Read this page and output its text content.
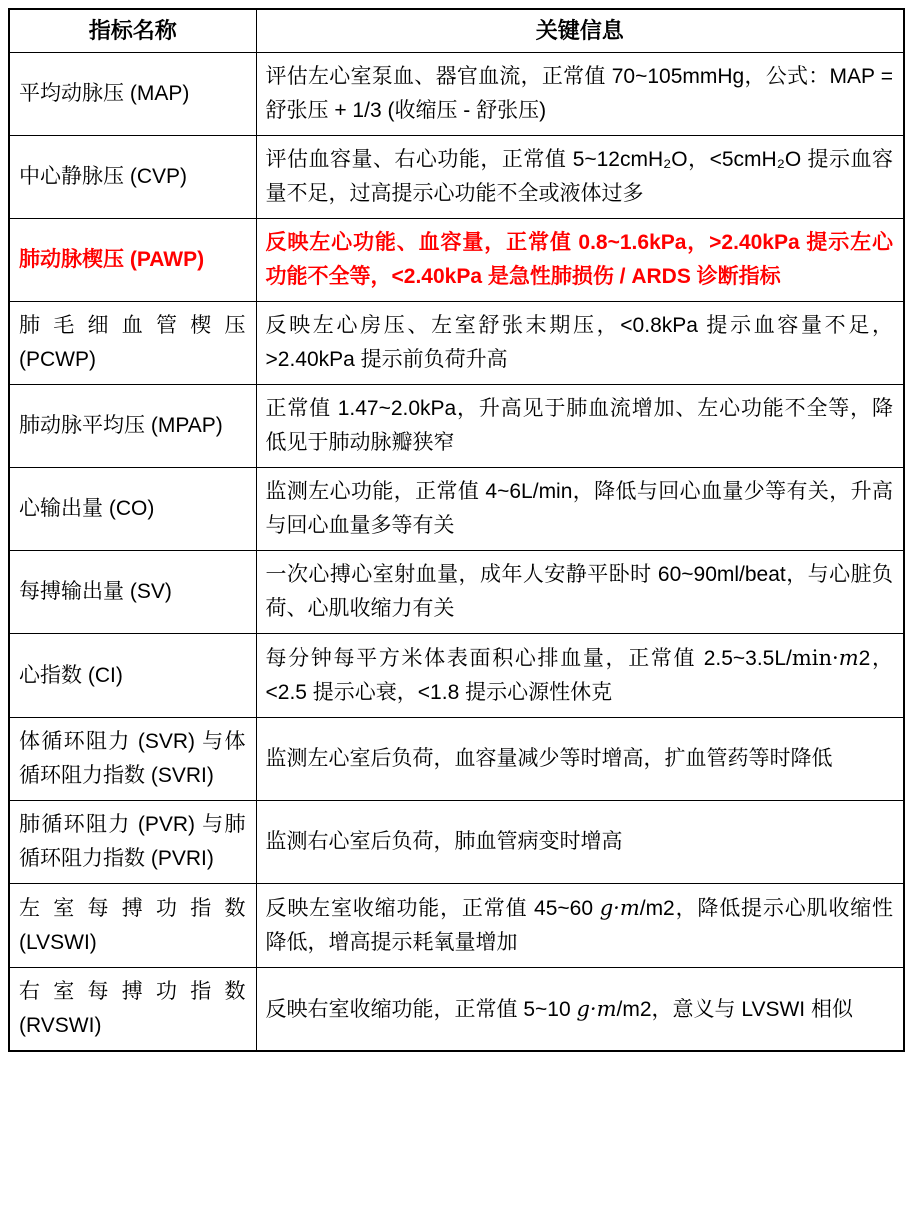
指标名称	关键信息
平均动脉压 (MAP)	评估左心室泵血、器官血流，正常值 70~105mmHg，公式：MAP = 舒张压 + 1/3 (收缩压 - 舒张压)
中心静脉压 (CVP)	评估血容量、右心功能，正常值 5~12cmH₂O，<5cmH₂O 提示血容量不足，过高提示心功能不全或液体过多
肺动脉楔压 (PAWP)	反映左心功能、血容量，正常值 0.8~1.6kPa，>2.40kPa 提示左心功能不全等，<2.40kPa 是急性肺损伤 / ARDS 诊断指标
肺毛细血管楔压 (PCWP)	反映左心房压、左室舒张末期压，<0.8kPa 提示血容量不足，>2.40kPa 提示前负荷升高
肺动脉平均压 (MPAP)	正常值 1.47~2.0kPa，升高见于肺血流增加、左心功能不全等，降低见于肺动脉瓣狭窄
心输出量 (CO)	监测左心功能，正常值 4~6L/min，降低与回心血量少等有关，升高与回心血量多等有关
每搏输出量 (SV)	一次心搏心室射血量，成年人安静平卧时 60~90ml/beat，与心脏负荷、心肌收缩力有关
心指数 (CI)	每分钟每平方米体表面积心排血量，正常值 2.5~3.5L/min·m2，<2.5 提示心衰，<1.8 提示心源性休克
体循环阻力 (SVR) 与体循环阻力指数 (SVRI)	监测左心室后负荷，血容量减少等时增高，扩血管药等时降低
肺循环阻力 (PVR) 与肺循环阻力指数 (PVRI)	监测右心室后负荷，肺血管病变时增高
左室每搏功指数 (LVSWI)	反映左室收缩功能，正常值 45~60 g·m/m2，降低提示心肌收缩性降低，增高提示耗氧量增加
右室每搏功指数 (RVSWI)	反映右室收缩功能，正常值 5~10 g·m/m2，意义与 LVSWI 相似
